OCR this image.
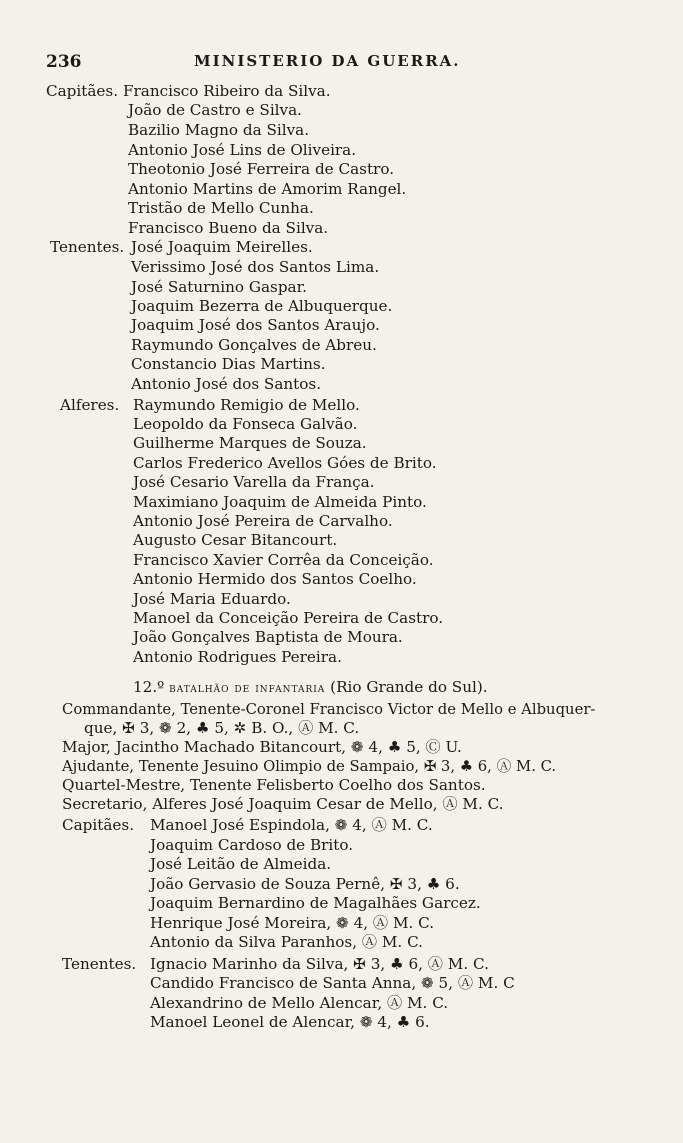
236	MINISTERIO DA GUERRA.
Capitães. Francisco Ribeiro da Silva.
João de Castro e Silva.
Bazilio Magno da Silva.
Antonio José Lins de Oliveira.
Theotonio José Ferreira de Castro.
Antonio Martins de Amorim Rangel.
Tristão de Mello Cunha.
Francisco Bueno da Silva.
Tenentes. José Joaquim Meirelles.
Verissimo José dos Santos Lima.
José Saturnino Gaspar.
Joaquim Bezerra de Albuquerque.
Joaquim José dos Santos Araujo.
Raymundo Gonçalves de Abreu.
Constancio Dias Martins.
Antonio José dos Santos.
Alferes. Raymundo Remigio de Mello.
Leopoldo da Fonseca Galvão.
Guilherme Marques de Souza.
Carlos Frederico Avellos Góes de Brito.
José Cesario Varella da França.
Maximiano Joaquim de Almeida Pinto.
Antonio José Pereira de Carvalho.
Augusto Cesar Bitancourt.
Francisco Xavier Corrêa da Conceição.
Antonio Hermido dos Santos Coelho.
José Maria Eduardo.
Manoel da Conceição Pereira de Castro.
João Gonçalves Baptista de Moura.
Antonio Rodrigues Pereira.
12.º batalhão de infantaria (Rio Grande do Sul).
Commandante, Tenente-Coronel Francisco Victor de Mello e Albuquer-
que, ✠ 3, ❁ 2, ♣ 5, ✲ B. O., Ⓐ M. C.
Major, Jacintho Machado Bitancourt, ❁ 4, ♣ 5, Ⓒ U.
Ajudante, Tenente Jesuino Olimpio de Sampaio, ✠ 3, ♣ 6, Ⓐ M. C.
Quartel-Mestre, Tenente Felisberto Coelho dos Santos.
Secretario, Alferes José Joaquim Cesar de Mello, Ⓐ M. C.
Capitães. Manoel José Espindola, ❁ 4, Ⓐ M. C.
Joaquim Cardoso de Brito.
José Leitão de Almeida.
João Gervasio de Souza Pernê, ✠ 3, ♣ 6.
Joaquim Bernardino de Magalhães Garcez.
Henrique José Moreira, ❁ 4, Ⓐ M. C.
Antonio da Silva Paranhos, Ⓐ M. C.
Tenentes. Ignacio Marinho da Silva, ✠ 3, ♣ 6, Ⓐ M. C.
Candido Francisco de Santa Anna, ❁ 5, Ⓐ M. C
Alexandrino de Mello Alencar, Ⓐ M. C.
Manoel Leonel de Alencar, ❁ 4, ♣ 6.
